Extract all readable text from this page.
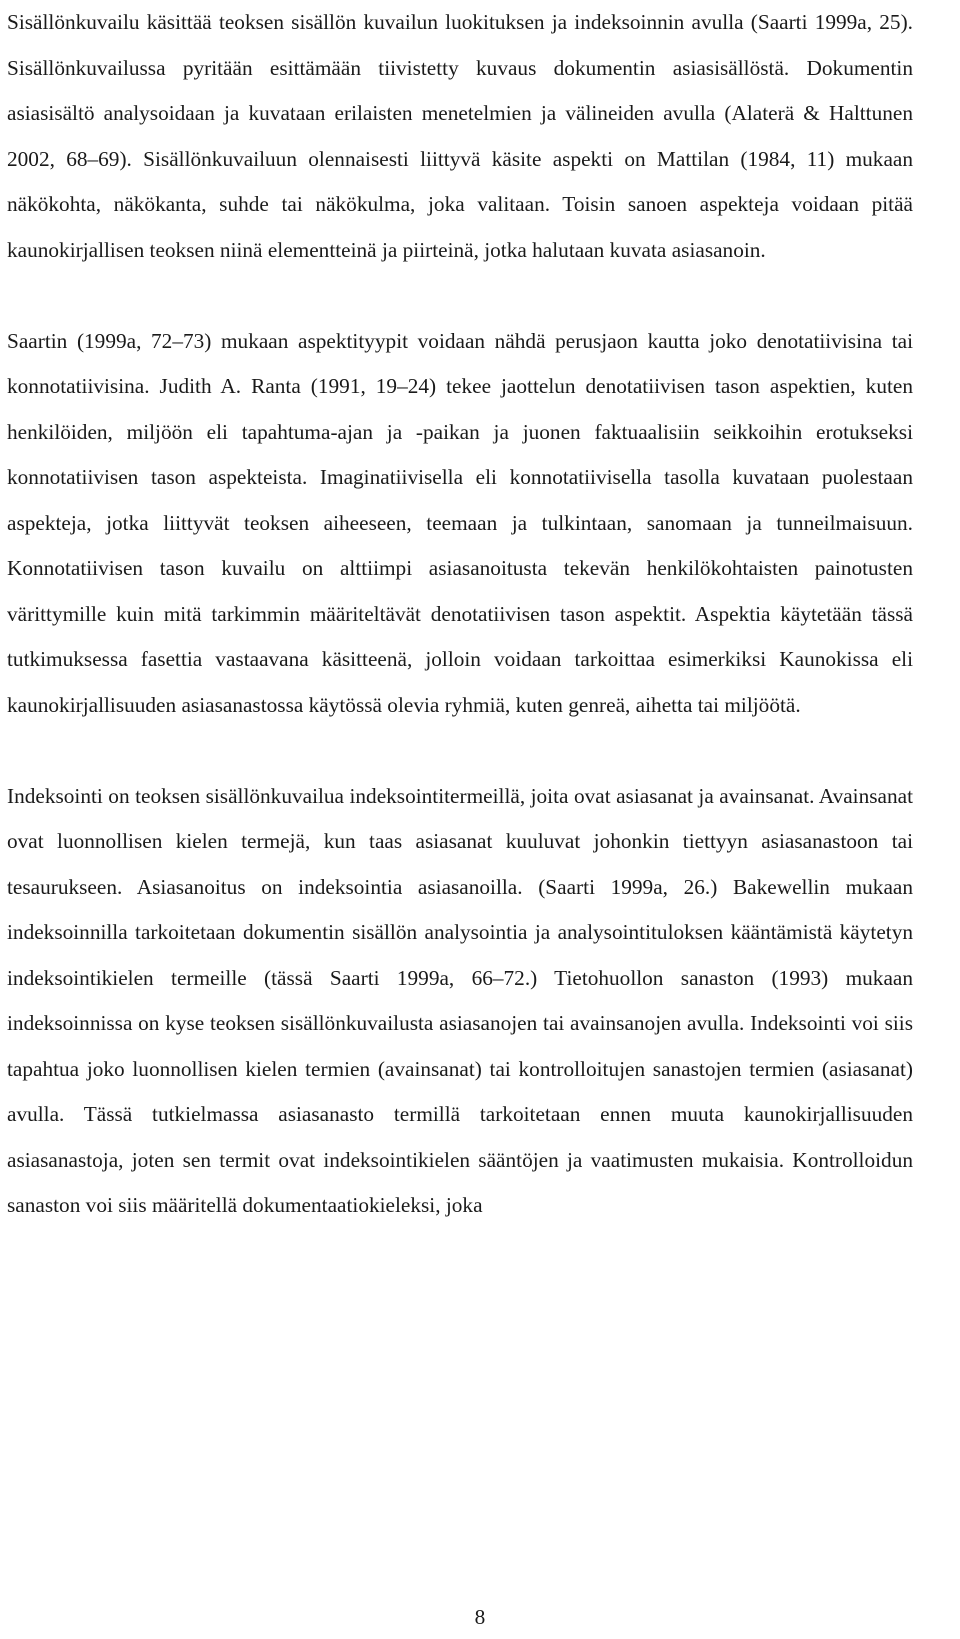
Sisällönkuvailu käsittää teoksen sisällön kuvailun luokituksen ja indeksoinnin avulla (Saarti 1999a, 25). Sisällönkuvailussa pyritään esittämään tiivistetty kuvaus dokumentin asiasisällöstä. Dokumentin asiasisältö analysoidaan ja kuvataan erilaisten menetelmien ja välineiden avulla (Alaterä & Halttunen 2002, 68–69). Sisällönkuvailuun olennaisesti liittyvä käsite aspekti on Mattilan (1984, 11) mukaan näkökohta, näkökanta, suhde tai näkökulma, joka valitaan. Toisin sanoen aspekteja voidaan pitää kaunokirjallisen teoksen niinä elementteinä ja piirteinä, jotka halutaan kuvata asiasanoin.

Saartin (1999a, 72–73) mukaan aspektityypit voidaan nähdä perusjaon kautta joko denotatiivisina tai konnotatiivisina. Judith A. Ranta (1991, 19–24) tekee jaottelun denotatiivisen tason aspektien, kuten henkilöiden, miljöön eli tapahtuma-ajan ja -paikan ja juonen faktuaalisiin seikkoihin erotukseksi konnotatiivisen tason aspekteista. Imaginatiivisella eli konnotatiivisella tasolla kuvataan puolestaan aspekteja, jotka liittyvät teoksen aiheeseen, teemaan ja tulkintaan, sanomaan ja tunneilmaisuun. Konnotatiivisen tason kuvailu on alttiimpi asiasanoitusta tekevän henkilökohtaisten painotusten värittymille kuin mitä tarkimmin määriteltävät denotatiivisen tason aspektit. Aspektia käytetään tässä tutkimuksessa fasettia vastaavana käsitteenä, jolloin voidaan tarkoittaa esimerkiksi Kaunokissa eli kaunokirjallisuuden asiasanastossa käytössä olevia ryhmiä, kuten genreä, aihetta tai miljöötä.

Indeksointi on teoksen sisällönkuvailua indeksointitermeillä, joita ovat asiasanat ja avainsanat. Avainsanat ovat luonnollisen kielen termejä, kun taas asiasanat kuuluvat johonkin tiettyyn asiasanastoon tai tesaurukseen. Asiasanoitus on indeksointia asiasanoilla. (Saarti 1999a, 26.) Bakewellin mukaan indeksoinnilla tarkoitetaan dokumentin sisällön analysointia ja analysointituloksen kääntämistä käytetyn indeksointikielen termeille (tässä Saarti 1999a, 66–72.) Tietohuollon sanaston (1993) mukaan indeksoinnissa on kyse teoksen sisällönkuvailusta asiasanojen tai avainsanojen avulla. Indeksointi voi siis tapahtua joko luonnollisen kielen termien (avainsanat) tai kontrolloitujen sanastojen termien (asiasanat) avulla. Tässä tutkielmassa asiasanasto termillä tarkoitetaan ennen muuta kaunokirjallisuuden asiasanastoja, joten sen termit ovat indeksointikielen sääntöjen ja vaatimusten mukaisia. Kontrolloidun sanaston voi siis määritellä dokumentaatiokieleksi, joka

8
